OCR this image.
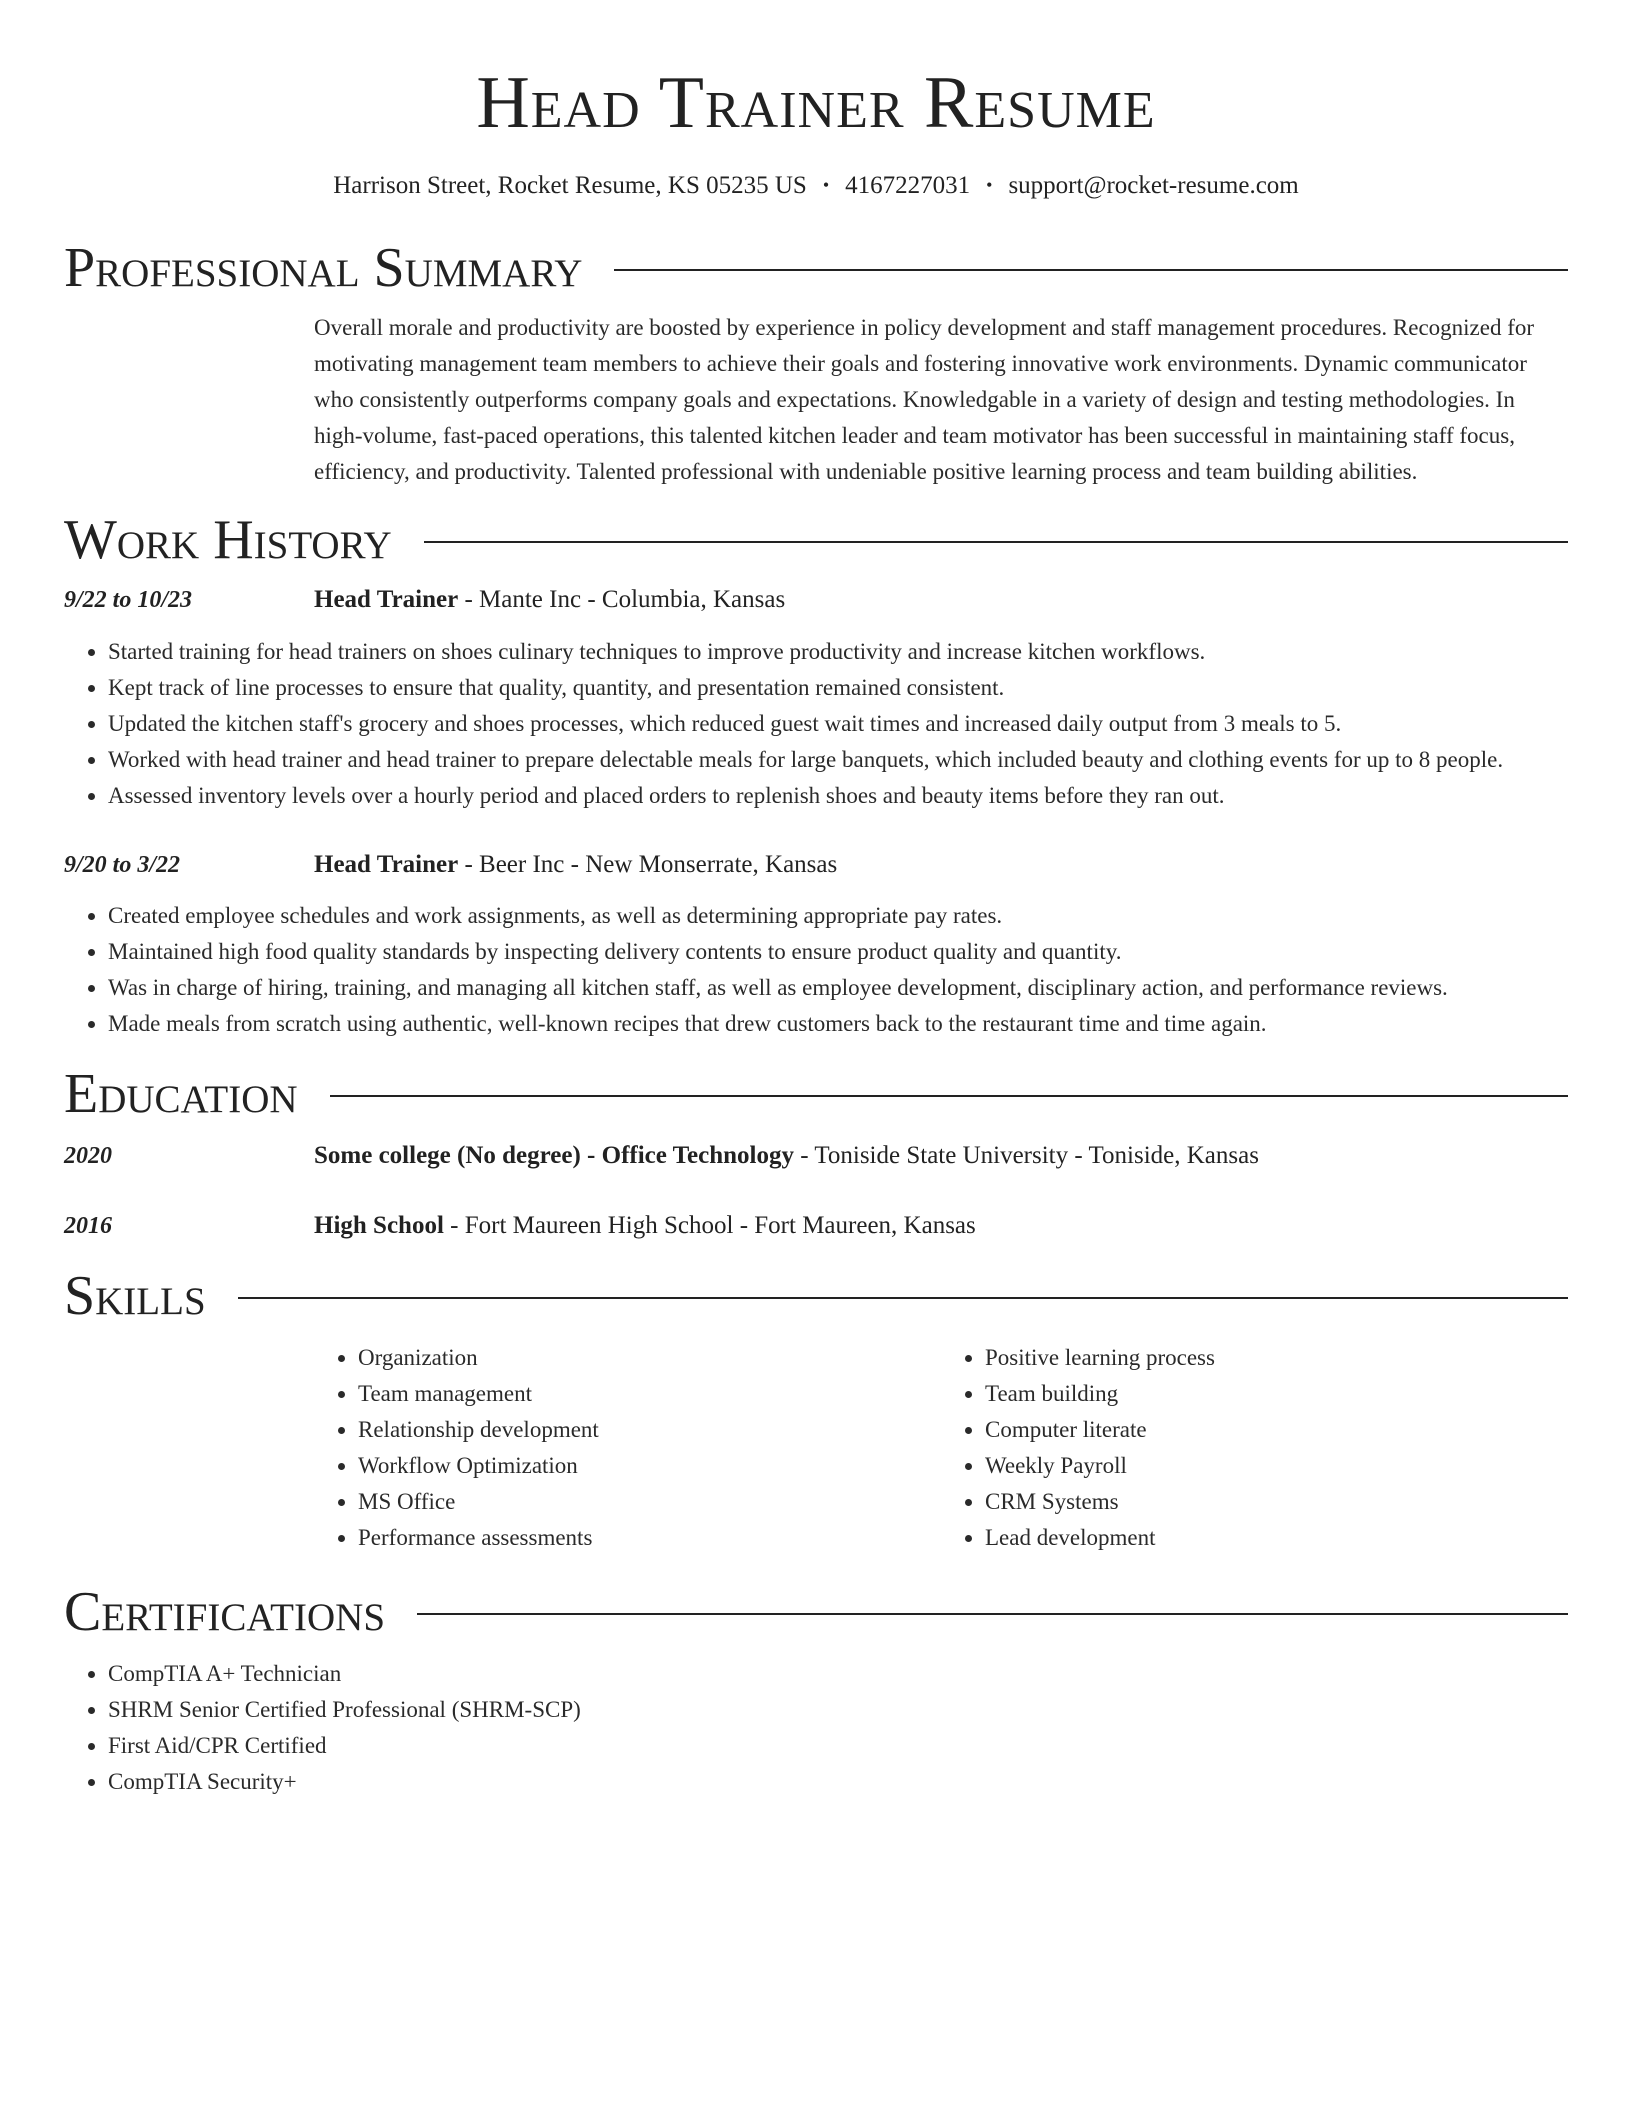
Head Trainer Resume
Harrison Street, Rocket Resume, KS 05235 US • 4167227031 • support@rocket-resume.com
Professional Summary
Overall morale and productivity are boosted by experience in policy development and staff management procedures. Recognized for motivating management team members to achieve their goals and fostering innovative work environments. Dynamic communicator who consistently outperforms company goals and expectations. Knowledgable in a variety of design and testing methodologies. In high-volume, fast-paced operations, this talented kitchen leader and team motivator has been successful in maintaining staff focus, efficiency, and productivity. Talented professional with undeniable positive learning process and team building abilities.
Work History
9/22 to 10/23	Head Trainer - Mante Inc - Columbia, Kansas
• Started training for head trainers on shoes culinary techniques to improve productivity and increase kitchen workflows.
• Kept track of line processes to ensure that quality, quantity, and presentation remained consistent.
• Updated the kitchen staff's grocery and shoes processes, which reduced guest wait times and increased daily output from 3 meals to 5.
• Worked with head trainer and head trainer to prepare delectable meals for large banquets, which included beauty and clothing events for up to 8 people.
• Assessed inventory levels over a hourly period and placed orders to replenish shoes and beauty items before they ran out.
9/20 to 3/22	Head Trainer - Beer Inc - New Monserrate, Kansas
• Created employee schedules and work assignments, as well as determining appropriate pay rates.
• Maintained high food quality standards by inspecting delivery contents to ensure product quality and quantity.
• Was in charge of hiring, training, and managing all kitchen staff, as well as employee development, disciplinary action, and performance reviews.
• Made meals from scratch using authentic, well-known recipes that drew customers back to the restaurant time and time again.
Education
2020	Some college (No degree) - Office Technology - Toniside State University - Toniside, Kansas
2016	High School - Fort Maureen High School - Fort Maureen, Kansas
Skills
• Organization
• Team management
• Relationship development
• Workflow Optimization
• MS Office
• Performance assessments
• Positive learning process
• Team building
• Computer literate
• Weekly Payroll
• CRM Systems
• Lead development
Certifications
• CompTIA A+ Technician
• SHRM Senior Certified Professional (SHRM-SCP)
• First Aid/CPR Certified
• CompTIA Security+
